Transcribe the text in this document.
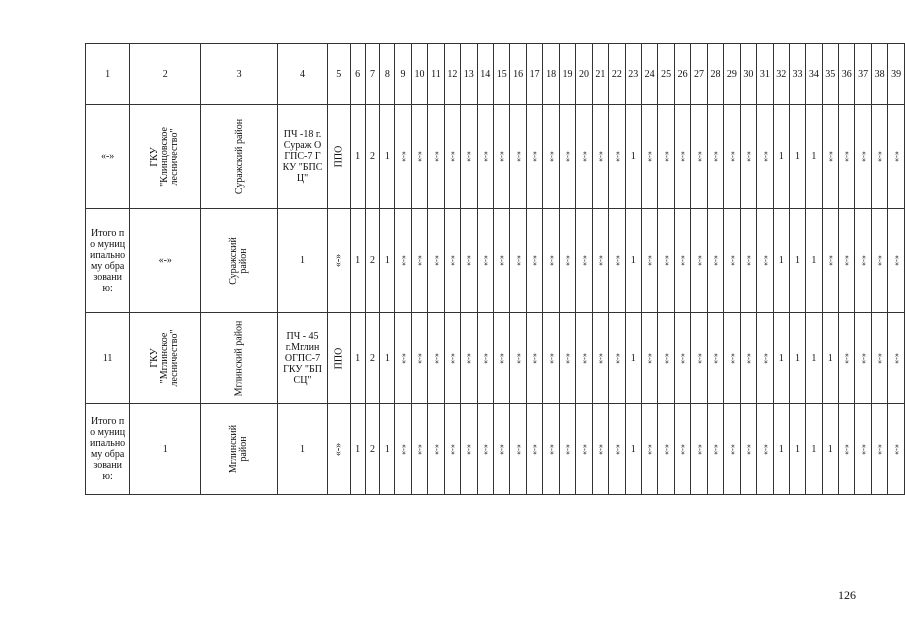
1	2	3	4	5	6	7	8	9	10	11	12	13	14	15	16	17	18	19	20	21	22	23	24	25	26	27	28	29	30	31	32	33	34	35	36	37	38	39
«-»	ГКУ "Клинцовское лесничество"	Суражский район	ПЧ -18 г.Сураж ОГПС-7 ГКУ "БПСЦ"	ППО	1	2	1	«-»	«-»	«-»	«-»	«-»	«-»	«-»	«-»	«-»	«-»	«-»	«-»	«-»	«-»	1	«-»	«-»	«-»	«-»	«-»	«-»	«-»	«-»	1	1	1	«-»	«-»	«-»	«-»	«-»
Итого по муниципальному образованию:	«-»	Суражский район	1	«-»	1	2	1	«-»	«-»	«-»	«-»	«-»	«-»	«-»	«-»	«-»	«-»	«-»	«-»	«-»	«-»	1	«-»	«-»	«-»	«-»	«-»	«-»	«-»	«-»	1	1	1	«-»	«-»	«-»	«-»	«-»
11	ГКУ "Мглинское лесничество"	Мглинский район	ПЧ - 45 г.Мглин ОГПС-7 ГКУ "БПСЦ"	ППО	1	2	1	«-»	«-»	«-»	«-»	«-»	«-»	«-»	«-»	«-»	«-»	«-»	«-»	«-»	«-»	1	«-»	«-»	«-»	«-»	«-»	«-»	«-»	«-»	1	1	1	1	«-»	«-»	«-»	«-»
Итого по муниципальному образованию:	1	Мглинский район	1	«-»	1	2	1	«-»	«-»	«-»	«-»	«-»	«-»	«-»	«-»	«-»	«-»	«-»	«-»	«-»	«-»	1	«-»	«-»	«-»	«-»	«-»	«-»	«-»	«-»	1	1	1	1	«-»	«-»	«-»	«-»
126
